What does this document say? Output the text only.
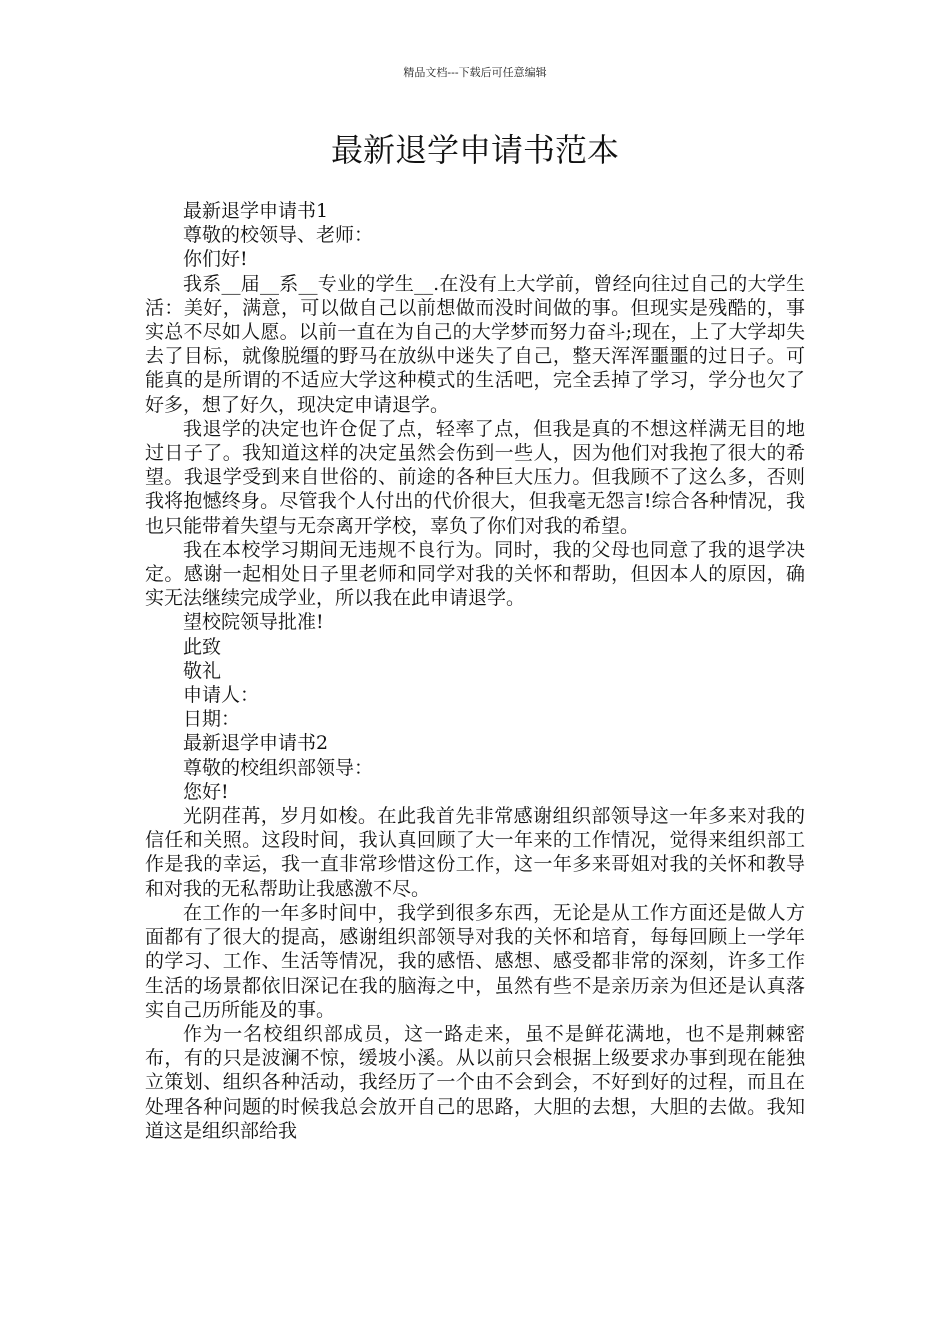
精品文档---下载后可任意编辑
最新退学申请书范本

最新退学申请书1

尊敬的校领导、老师：

你们好!

我系__届__系__专业的学生__.在没有上大学前，曾经向往过自己的大学生活：美好，满意，可以做自己以前想做而没时间做的事。但现实是残酷的，事实总不尽如人愿。以前一直在为自己的大学梦而努力奋斗;现在，上了大学却失去了目标，就像脱缰的野马在放纵中迷失了自己，整天浑浑噩噩的过日子。可能真的是所谓的不适应大学这种模式的生活吧，完全丢掉了学习，学分也欠了好多，想了好久，现决定申请退学。

我退学的决定也许仓促了点，轻率了点，但我是真的不想这样满无目的地过日子了。我知道这样的决定虽然会伤到一些人，因为他们对我抱了很大的希望。我退学受到来自世俗的、前途的各种巨大压力。但我顾不了这么多，否则我将抱憾终身。尽管我个人付出的代价很大，但我毫无怨言!综合各种情况，我也只能带着失望与无奈离开学校，辜负了你们对我的希望。

我在本校学习期间无违规不良行为。同时，我的父母也同意了我的退学决定。感谢一起相处日子里老师和同学对我的关怀和帮助，但因本人的原因，确实无法继续完成学业，所以我在此申请退学。

望校院领导批准!

此致

敬礼

申请人：

日期：

最新退学申请书2

尊敬的校组织部领导：

您好!

光阴荏苒，岁月如梭。在此我首先非常感谢组织部领导这一年多来对我的信任和关照。这段时间，我认真回顾了大一年来的工作情况，觉得来组织部工作是我的幸运，我一直非常珍惜这份工作，这一年多来哥姐对我的关怀和教导和对我的无私帮助让我感激不尽。

在工作的一年多时间中，我学到很多东西，无论是从工作方面还是做人方面都有了很大的提高，感谢组织部领导对我的关怀和培育，每每回顾上一学年的学习、工作、生活等情况，我的感悟、感想、感受都非常的深刻，许多工作生活的场景都依旧深记在我的脑海之中，虽然有些不是亲历亲为但还是认真落实自己历所能及的事。

作为一名校组织部成员，这一路走来，虽不是鲜花满地，也不是荆棘密布，有的只是波澜不惊，缓坡小溪。从以前只会根据上级要求办事到现在能独立策划、组织各种活动，我经历了一个由不会到会，不好到好的过程，而且在处理各种问题的时候我总会放开自己的思路，大胆的去想，大胆的去做。我知道这是组织部给我
